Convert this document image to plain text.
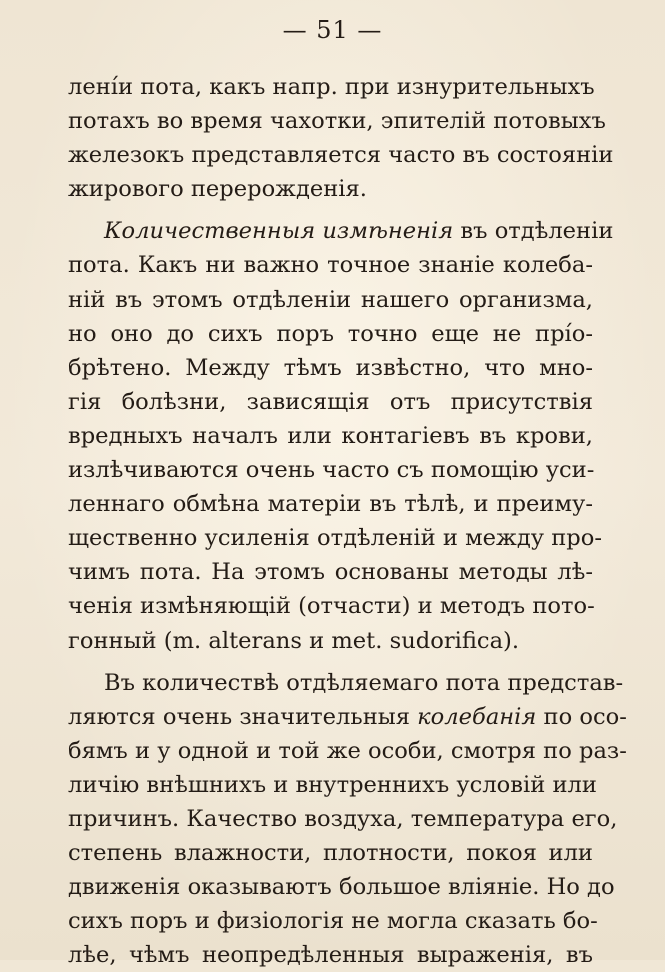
— 51 —
лені́и пота, какъ напр. при изнурительныхъ
потахъ во время чахотки, эпителій потовыхъ
железокъ представляется часто въ состояніи
жирового перерожденія.
Количественныя измѣненія въ отдѣленіи
пота. Какъ ни важно точное знаніе колеба-
ній въ этомъ отдѣленіи нашего организма,
но оно до сихъ поръ точно еще не прі́о-
брѣтено. Между тѣмъ извѣстно, что мно-
гія болѣзни, зависящія отъ присутствія
вредныхъ началъ или контагіевъ въ крови,
излѣчиваются очень часто съ помощію уси-
леннаго обмѣна матеріи въ тѣлѣ, и преиму-
щественно усиленія отдѣленій и между про-
чимъ пота. На этомъ основаны методы лѣ-
ченія измѣняющій (отчасти) и методъ пото-
гонный (m. alterans и met. sudorifica).
Въ количествѣ отдѣляемаго пота представ-
ляются очень значительныя колебанія по осо-
бямъ и у одной и той же особи, смотря по раз-
личію внѣшнихъ и внутреннихъ условій или
причинъ. Качество воздуха, температура его,
степень влажности, плотности, покоя или
движенія оказываютъ большое вліяніе. Но до
сихъ поръ и физіологія не могла сказать бо-
лѣе, чѣмъ неопредѣленныя выраженія, въ
